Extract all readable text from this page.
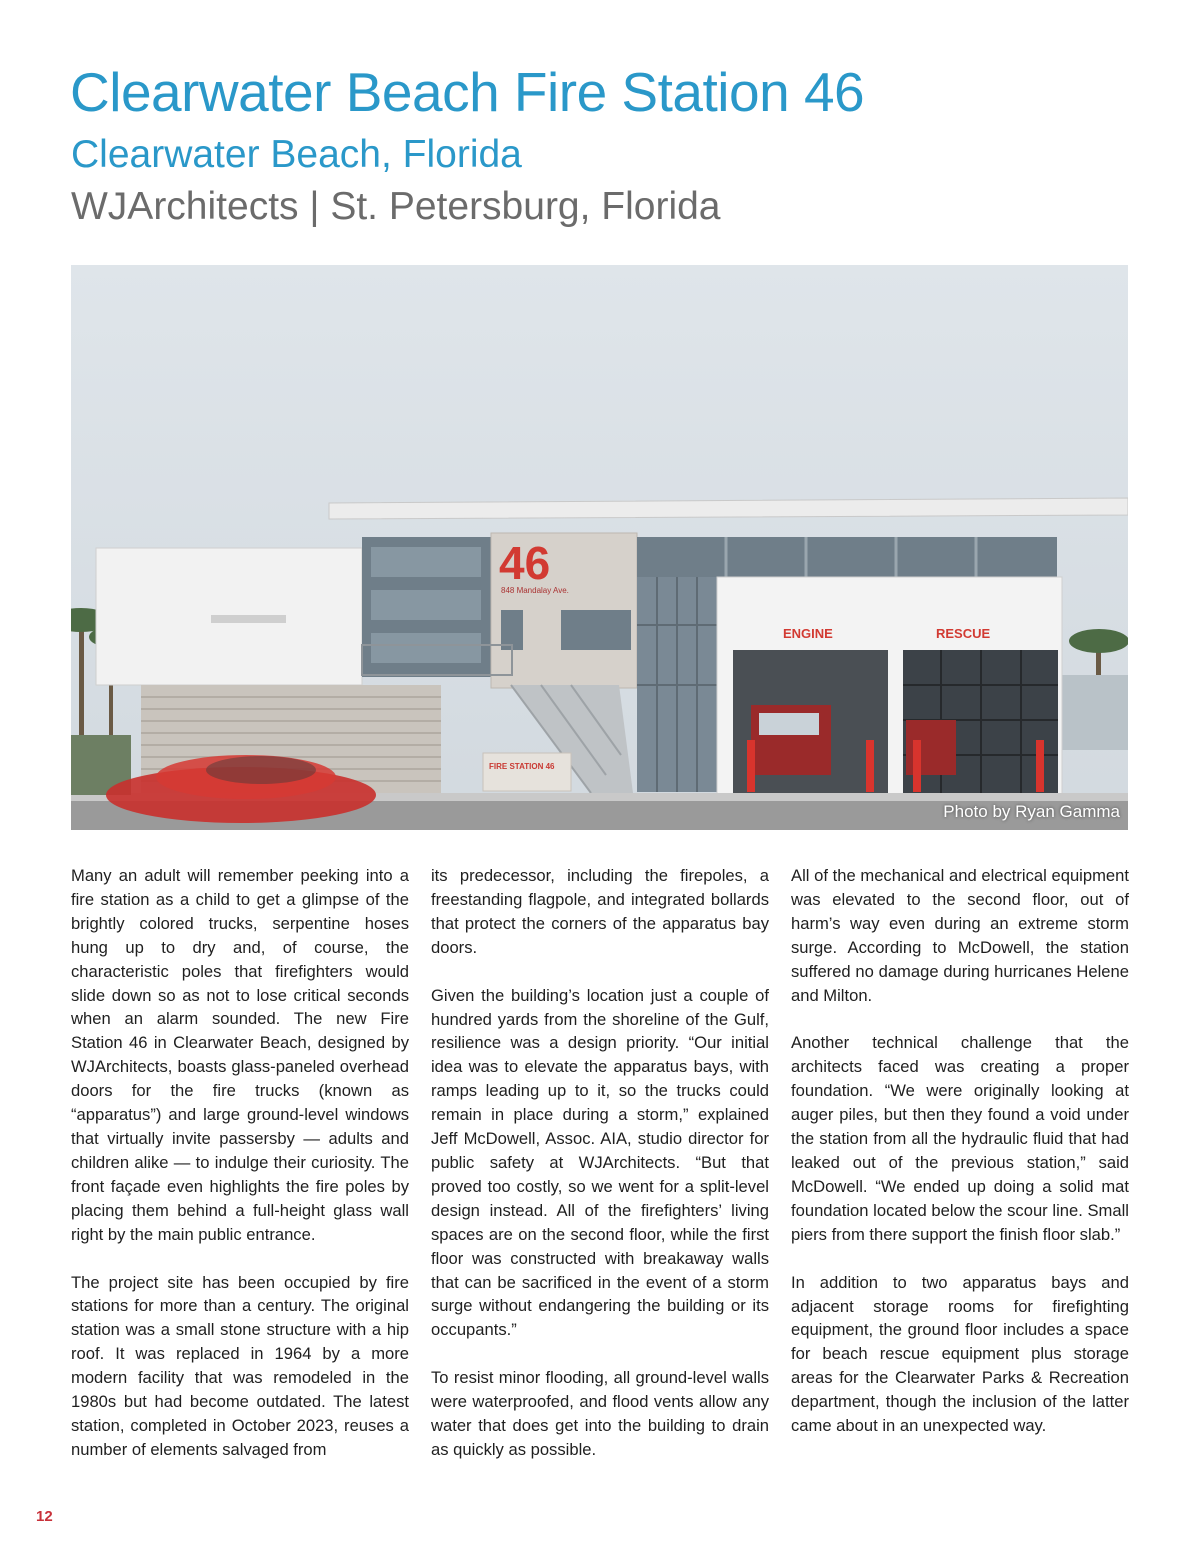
Clearwater Beach Fire Station 46
Clearwater Beach, Florida
WJArchitects | St. Petersburg, Florida
46
848 Mandalay Ave.
ENGINE	RESCUE
FIRE STATION 46
Photo by Ryan Gamma

Many an adult will remember peeking into a fire station as a child to get a glimpse of the brightly colored trucks, serpentine hoses hung up to dry and, of course, the characteristic poles that firefighters would slide down so as not to lose critical seconds when an alarm sounded. The new Fire Station 46 in Clearwater Beach, designed by WJArchitects, boasts glass-paneled overhead doors for the fire trucks (known as “apparatus”) and large ground-level windows that virtually invite passersby — adults and children alike — to indulge their curiosity. The front façade even highlights the fire poles by placing them behind a full-height glass wall right by the main public entrance.

The project site has been occupied by fire stations for more than a century. The original station was a small stone structure with a hip roof. It was replaced in 1964 by a more modern facility that was remodeled in the 1980s but had become outdated. The latest station, completed in October 2023, reuses a number of elements salvaged from

its predecessor, including the firepoles, a freestanding flagpole, and integrated bollards that protect the corners of the apparatus bay doors.

Given the building’s location just a couple of hundred yards from the shoreline of the Gulf, resilience was a design priority. “Our initial idea was to elevate the apparatus bays, with ramps leading up to it, so the trucks could remain in place during a storm,” explained Jeff McDowell, Assoc. AIA, studio director for public safety at WJArchitects. “But that proved too costly, so we went for a split-level design instead. All of the firefighters’ living spaces are on the second floor, while the first floor was constructed with breakaway walls that can be sacrificed in the event of a storm surge without endangering the building or its occupants.”

To resist minor flooding, all ground-level walls were waterproofed, and flood vents allow any water that does get into the building to drain as quickly as possible.

All of the mechanical and electrical equipment was elevated to the second floor, out of harm’s way even during an extreme storm surge. According to McDowell, the station suffered no damage during hurricanes Helene and Milton.

Another technical challenge that the architects faced was creating a proper foundation. “We were originally looking at auger piles, but then they found a void under the station from all the hydraulic fluid that had leaked out of the previous station,” said McDowell. “We ended up doing a solid mat foundation located below the scour line. Small piers from there support the finish floor slab.”

In addition to two apparatus bays and adjacent storage rooms for firefighting equipment, the ground floor includes a space for beach rescue equipment plus storage areas for the Clearwater Parks & Recreation department, though the inclusion of the latter came about in an unexpected way.

12
